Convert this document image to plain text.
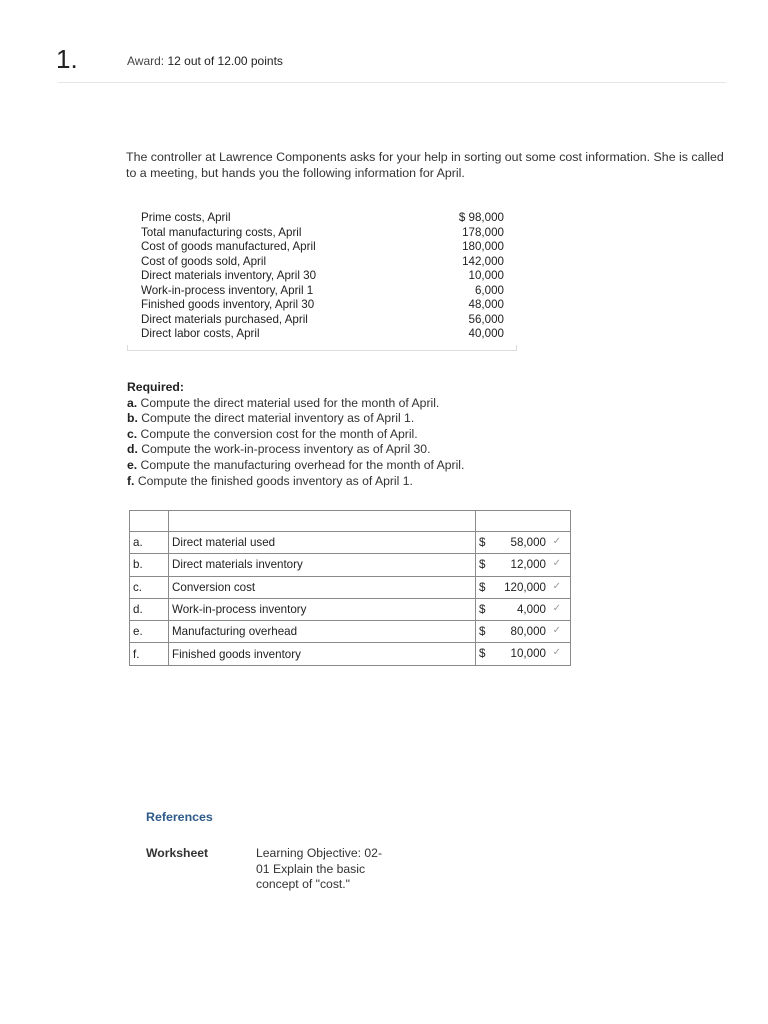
1.	Award: 12 out of 12.00 points
The controller at Lawrence Components asks for your help in sorting out some cost information. She is called to a meeting, but hands you the following information for April.
Prime costs, April	$ 98,000
Total manufacturing costs, April	178,000
Cost of goods manufactured, April	180,000
Cost of goods sold, April	142,000
Direct materials inventory, April 30	10,000
Work-in-process inventory, April 1	6,000
Finished goods inventory, April 30	48,000
Direct materials purchased, April	56,000
Direct labor costs, April	40,000
Required:
a. Compute the direct material used for the month of April.
b. Compute the direct material inventory as of April 1.
c. Compute the conversion cost for the month of April.
d. Compute the work-in-process inventory as of April 30.
e. Compute the manufacturing overhead for the month of April.
f. Compute the finished goods inventory as of April 1.

a.	Direct material used	$ 58,000 ✓

b.	Direct materials inventory	$ 12,000 ✓

c.	Conversion cost	$ 120,000 ✓

d.	Work-in-process inventory	$ 4,000 ✓

e.	Manufacturing overhead	$ 80,000 ✓

f.	Finished goods inventory	$ 10,000 ✓
References
Worksheet	Learning Objective: 02-01 Explain the basic concept of "cost."
